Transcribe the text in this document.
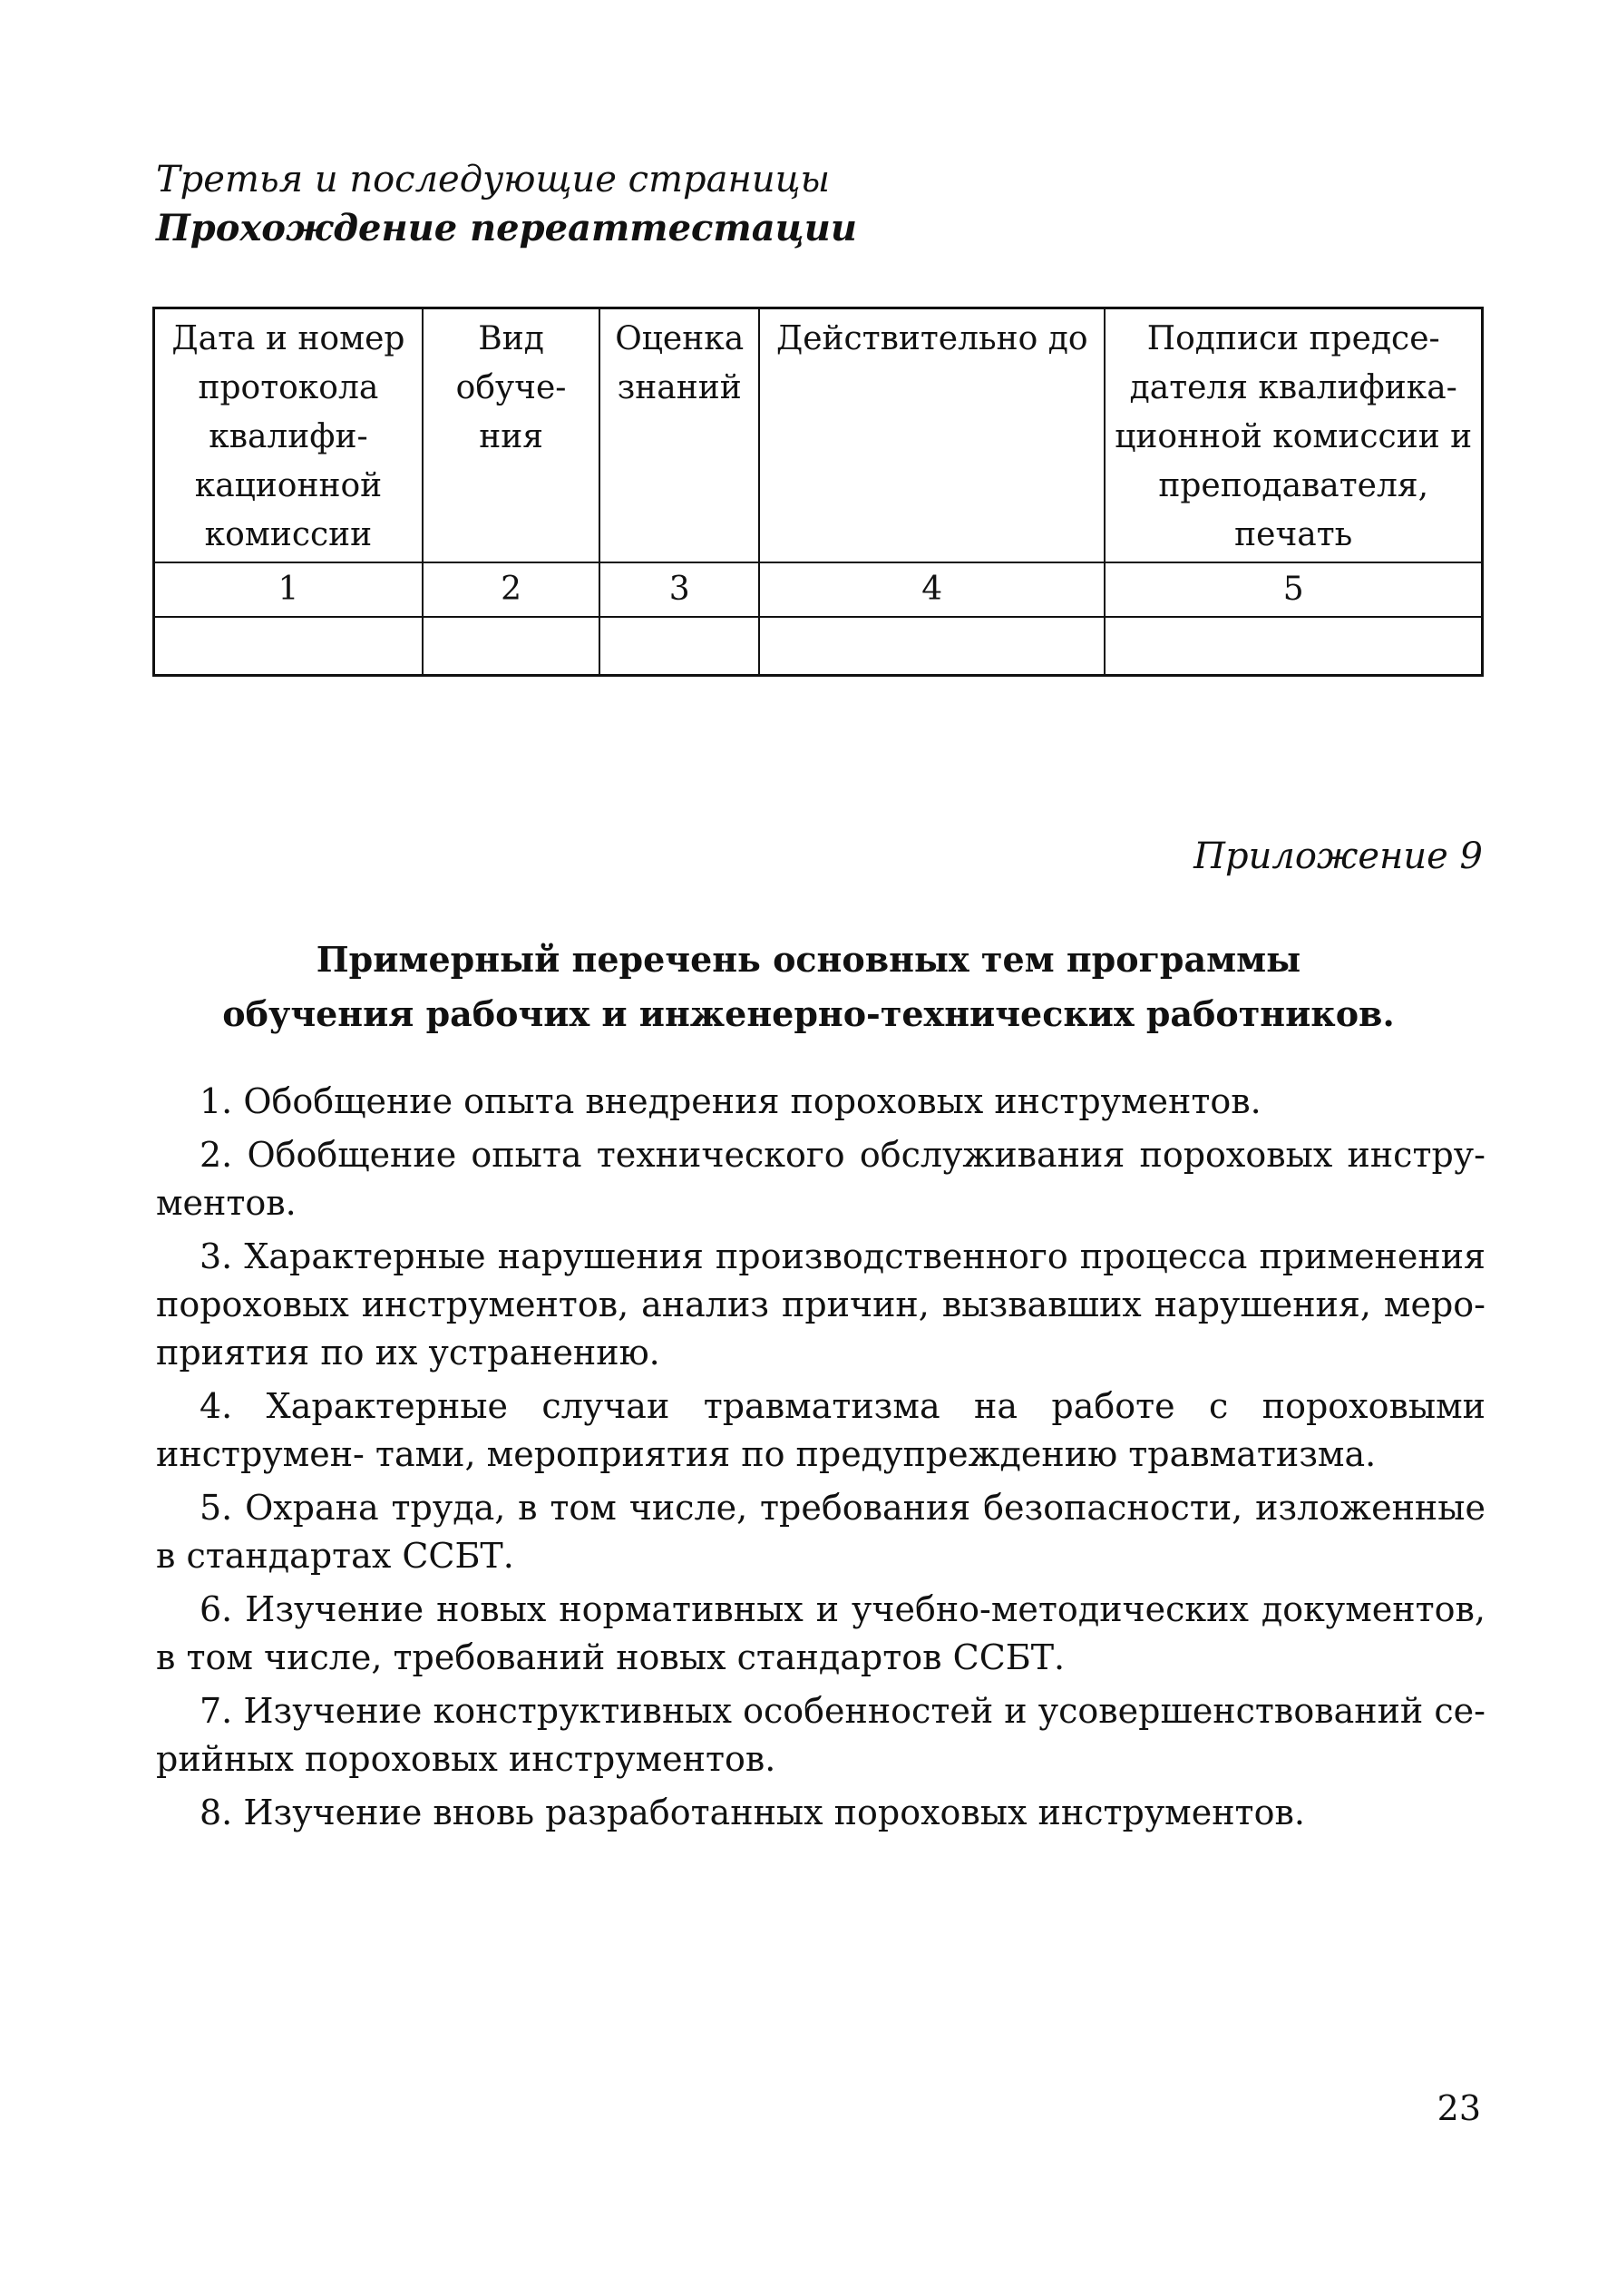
Третья и последующие страницы
Прохождение переаттестации
Дата и номер протокола квалифи- кационной комиссии	Вид обуче- ния	Оценка знаний	Действительно до	Подписи предсе- дателя квалифика- ционной комиссии и преподавателя, печать
1	2	3	4	5

Приложение 9
Примерный перечень основных тем программы
обучения рабочих и инженерно-технических работников.

1. Обобщение опыта внедрения пороховых инструментов.

2. Обобщение опыта технического обслуживания пороховых инстру- ментов.

3. Характерные нарушения производственного процесса применения пороховых инструментов, анализ причин, вызвавших нарушения, меро- приятия по их устранению.

4. Характерные случаи травматизма на работе с пороховыми инструмен- тами, мероприятия по предупреждению травматизма.

5. Охрана труда, в том числе, требования безопасности, изложенные в стандартах ССБТ.

6. Изучение новых нормативных и учебно-методических документов, в том числе, требований новых стандартов ССБТ.

7. Изучение конструктивных особенностей и усовершенствований се- рийных пороховых инструментов.

8. Изучение вновь разработанных пороховых инструментов.

23
